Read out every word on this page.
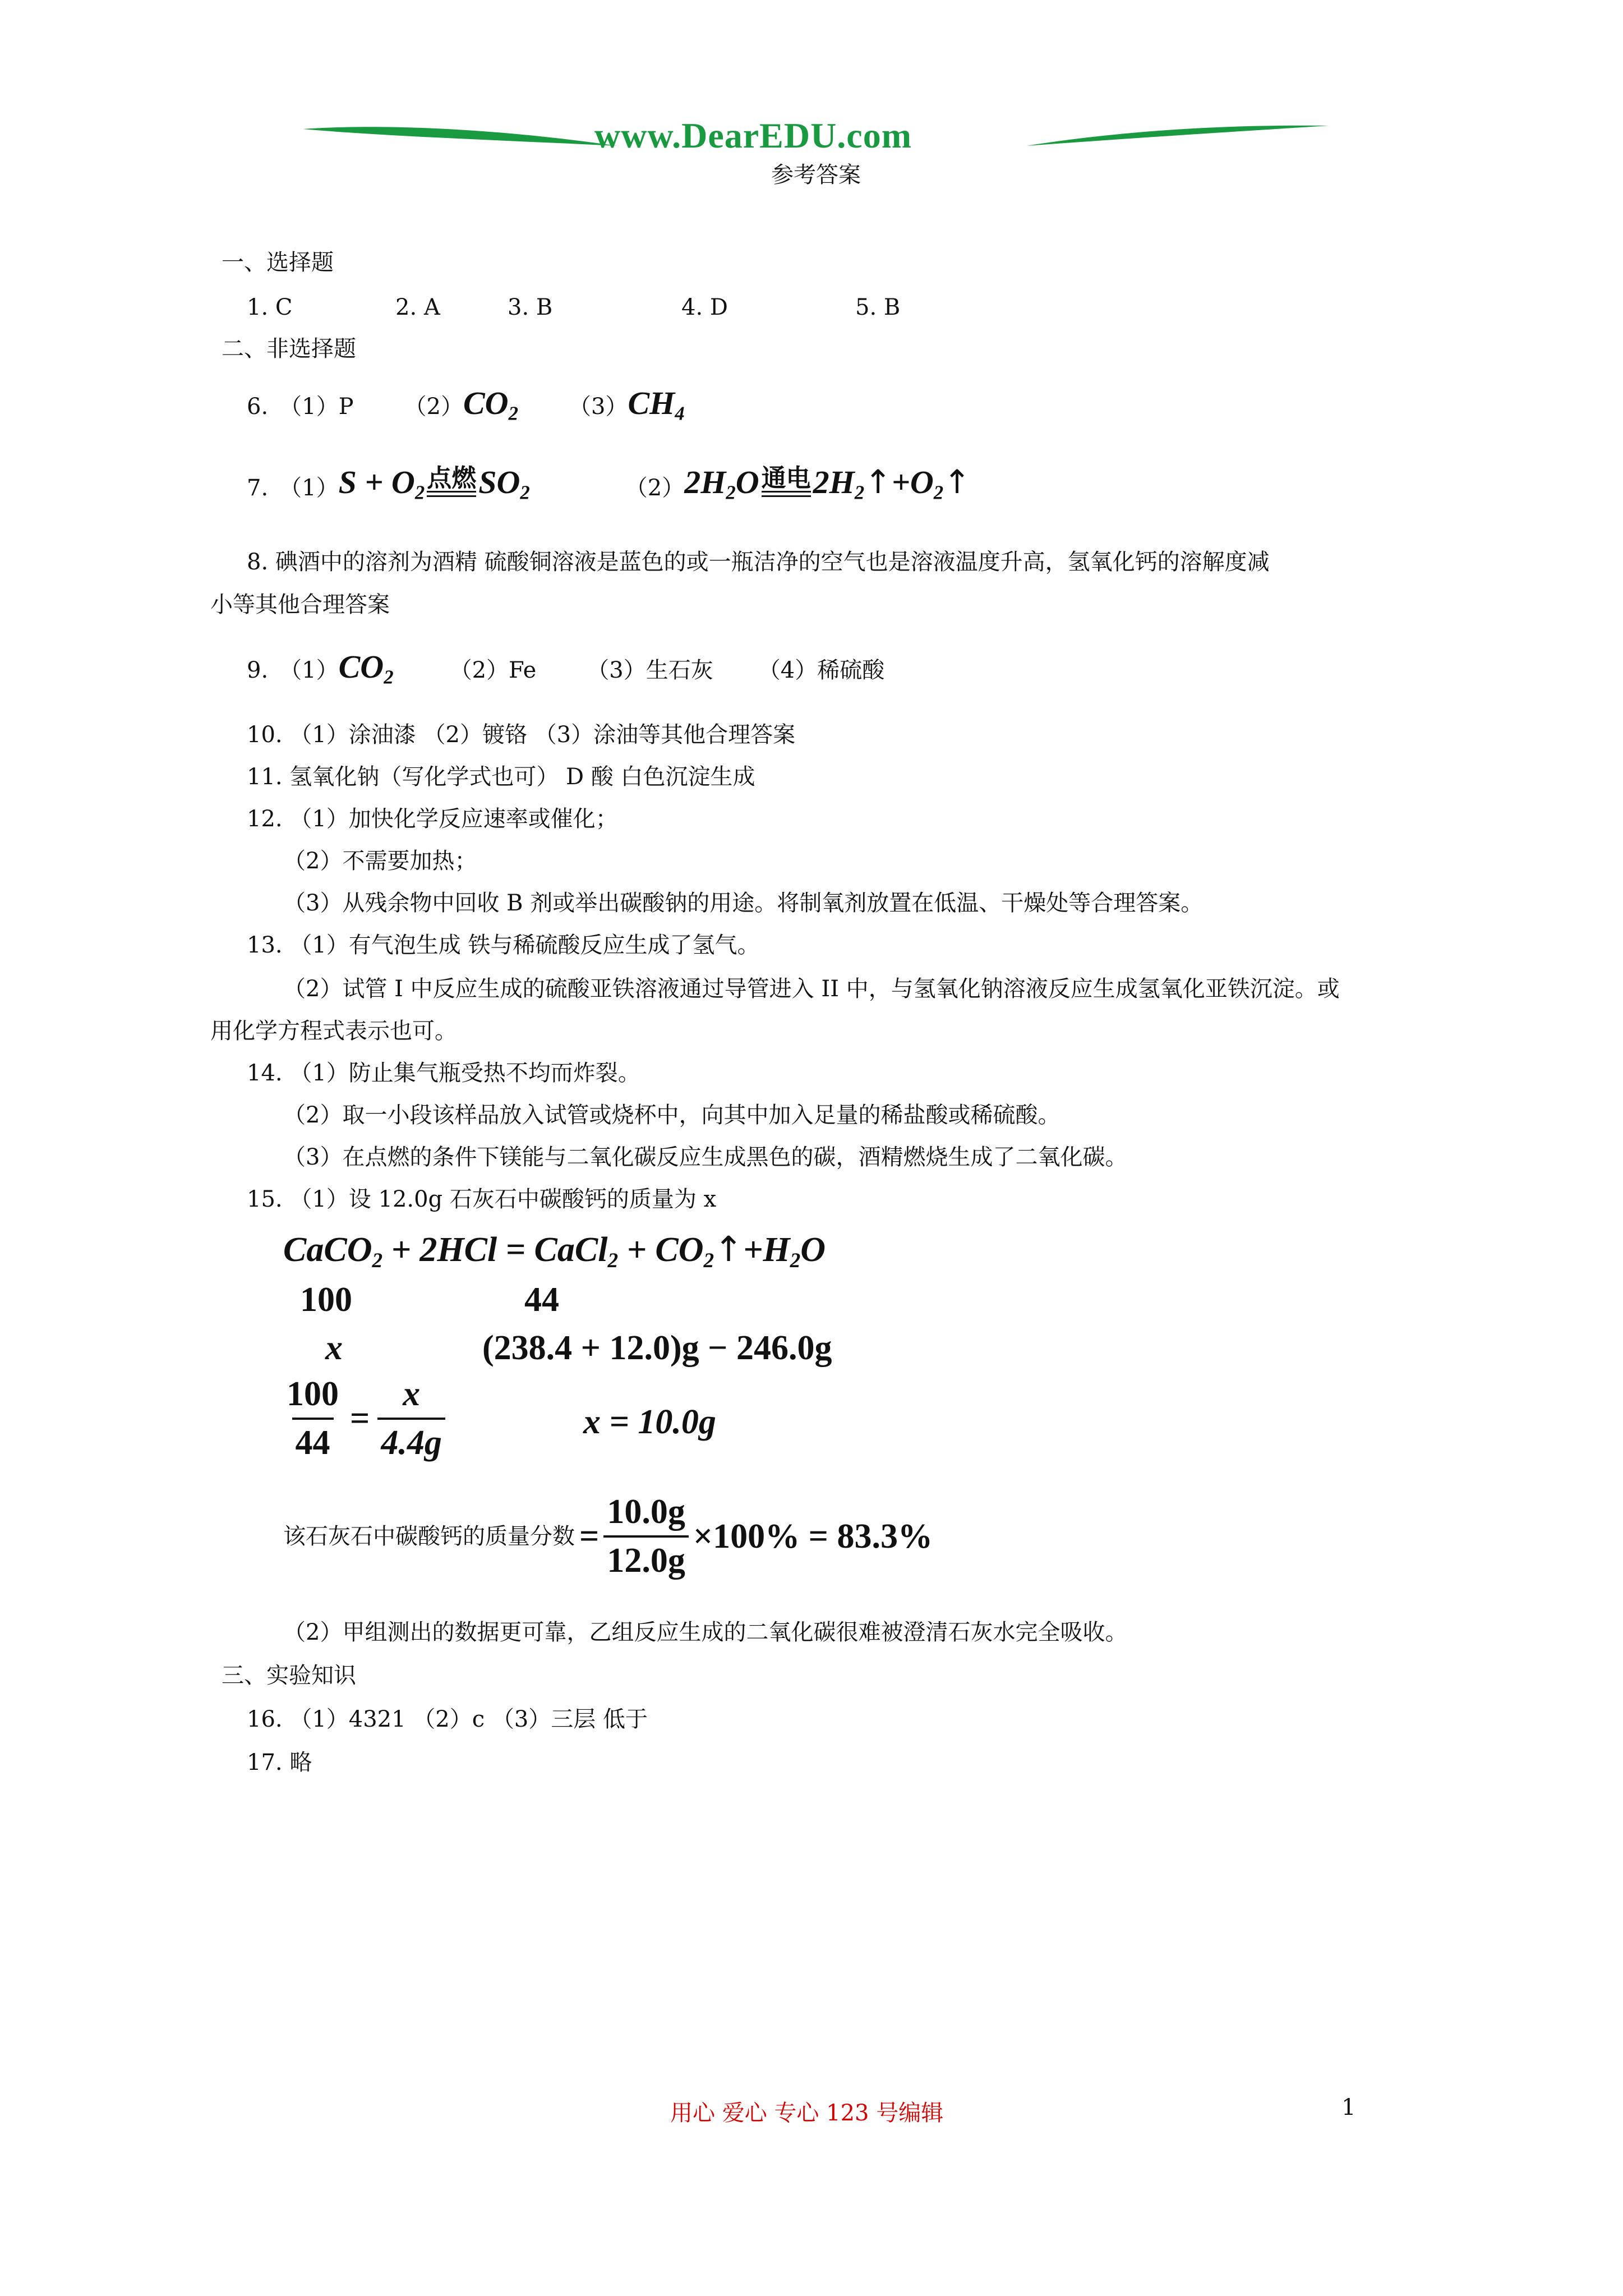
www.DearEDU.com
参考答案
一、选择题
1. C	2. A	3. B	4. D	5. B
二、非选择题
6. （1）P （2） $CO_2$ （3） $CH_4$
7. （1） $S + O_2$ 点燃 $SO_2$	（2） $2H_2O$ 通电 $2H_2↑+O_2↑$
8. 碘酒中的溶剂为酒精 硫酸铜溶液是蓝色的或一瓶洁净的空气也是溶液温度升高，氢氧化钙的溶解度减
小等其他合理答案
9. （1） $CO_2$	（2）Fe （3）生石灰 （4）稀硫酸
10. （1）涂油漆 （2）镀铬 （3）涂油等其他合理答案
11. 氢氧化钠（写化学式也可） D 酸 白色沉淀生成
12. （1）加快化学反应速率或催化；
（2）不需要加热；
（3）从残余物中回收 B 剂或举出碳酸钠的用途。将制氧剂放置在低温、干燥处等合理答案。
13. （1）有气泡生成 铁与稀硫酸反应生成了氢气。
（2）试管 I 中反应生成的硫酸亚铁溶液通过导管进入 II 中，与氢氧化钠溶液反应生成氢氧化亚铁沉淀。或
用化学方程式表示也可。
14. （1）防止集气瓶受热不均而炸裂。
（2）取一小段该样品放入试管或烧杯中，向其中加入足量的稀盐酸或稀硫酸。
（3）在点燃的条件下镁能与二氧化碳反应生成黑色的碳，酒精燃烧生成了二氧化碳。
15. （1）设 12.0g 石灰石中碳酸钙的质量为 x
CaCO$_2$ + 2HCl = CaCl$_2$ + $CO_2↑+H_2O$
100	44
x	(238.4 + 12.0)g − 246.0g
$\frac{100}{44} = \frac{x}{4.4g}$	x = 10.0g
该石灰石中碳酸钙的质量分数 = $\frac{10.0g}{12.0g} \times 100\% = 83.3\%$
（2）甲组测出的数据更可靠，乙组反应生成的二氧化碳很难被澄清石灰水完全吸收。
三、实验知识
16. （1）4321 （2）c （3）三层 低于
17. 略
用心 爱心 专心 123 号编辑	1
